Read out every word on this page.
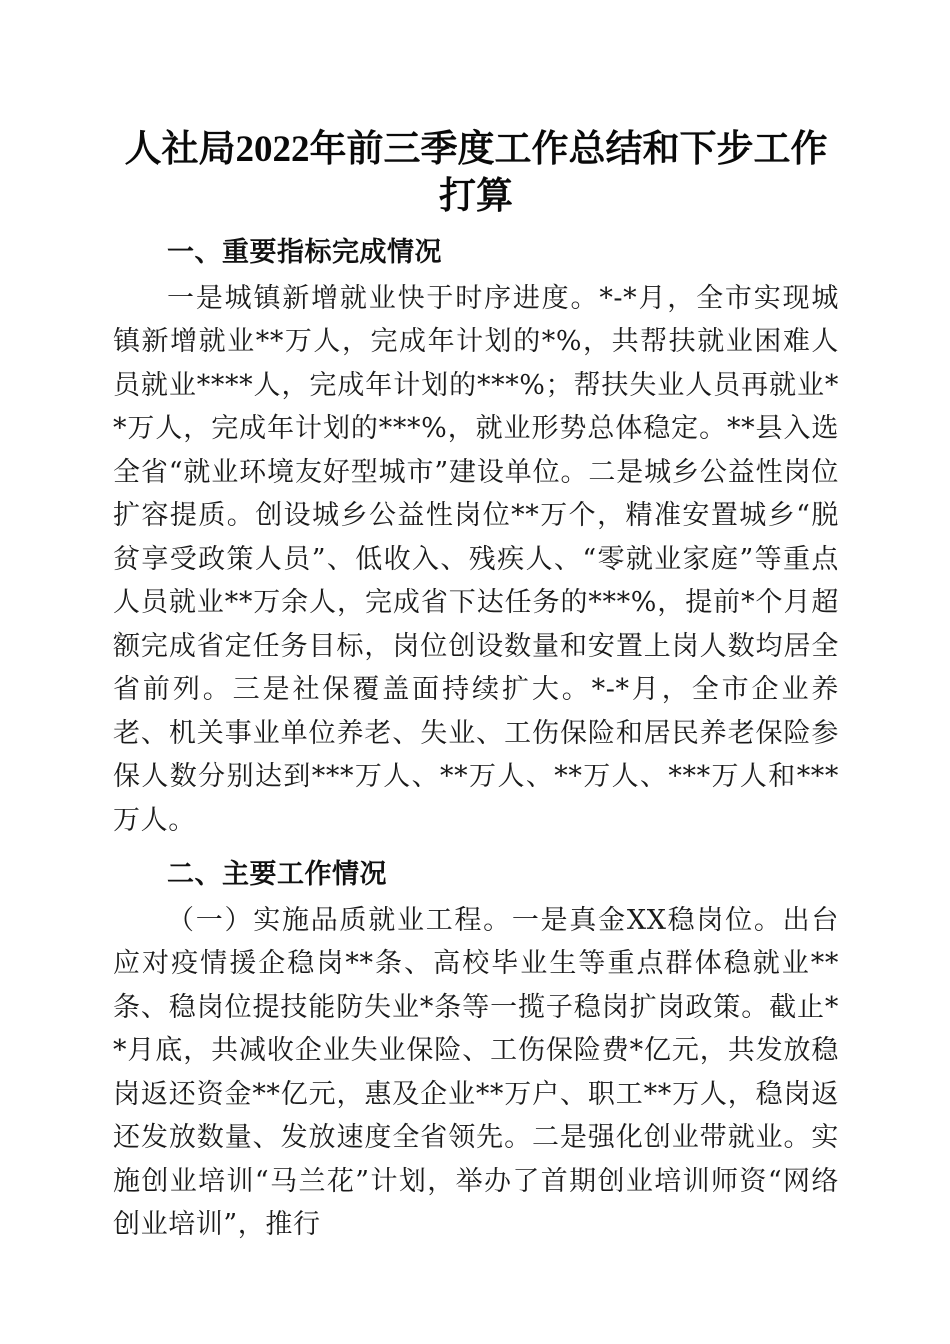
人社局2022年前三季度工作总结和下步工作打算
一、重要指标完成情况

一是城镇新增就业快于时序进度。*-*月，全市实现城镇新增就业**万人，完成年计划的*%，共帮扶就业困难人员就业****人，完成年计划的***%；帮扶失业人员再就业**万人，完成年计划的***%，就业形势总体稳定。**县入选全省“就业环境友好型城市”建设单位。二是城乡公益性岗位扩容提质。创设城乡公益性岗位**万个，精准安置城乡“脱贫享受政策人员”、低收入、残疾人、“零就业家庭”等重点人员就业**万余人，完成省下达任务的***%，提前*个月超额完成省定任务目标，岗位创设数量和安置上岗人数均居全省前列。三是社保覆盖面持续扩大。*-*月，全市企业养老、机关事业单位养老、失业、工伤保险和居民养老保险参保人数分别达到***万人、**万人、**万人、***万人和***万人。

二、主要工作情况

（一）实施品质就业工程。一是真金XX稳岗位。出台应对疫情援企稳岗**条、高校毕业生等重点群体稳就业**条、稳岗位提技能防失业*条等一揽子稳岗扩岗政策。截止**月底，共减收企业失业保险、工伤保险费*亿元，共发放稳岗返还资金**亿元，惠及企业**万户、职工**万人，稳岗返还发放数量、发放速度全省领先。二是强化创业带就业。实施创业培训“马兰花”计划，举办了首期创业培训师资“网络创业培训”，推行
